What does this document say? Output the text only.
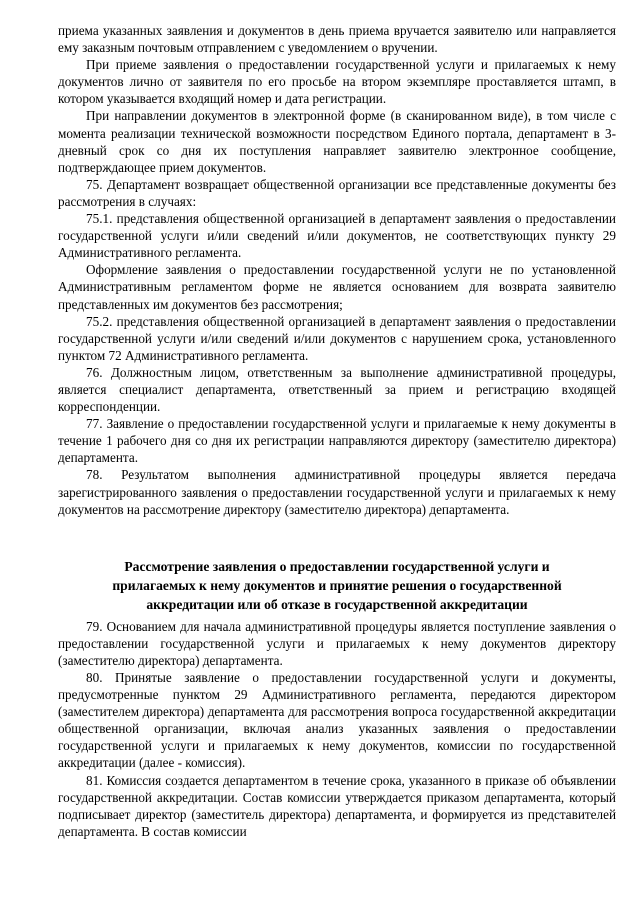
приема указанных заявления и документов в день приема вручается заявителю или направляется ему заказным почтовым отправлением с уведомлением о вручении.

При приеме заявления о предоставлении государственной услуги и прилагаемых к нему документов лично от заявителя по его просьбе на втором экземпляре проставляется штамп, в котором указывается входящий номер и дата регистрации.

При направлении документов в электронной форме (в сканированном виде), в том числе с момента реализации технической возможности посредством Единого портала, департамент в 3-дневный срок со дня их поступления направляет заявителю электронное сообщение, подтверждающее прием документов.

75. Департамент возвращает общественной организации все представленные документы без рассмотрения в случаях:

75.1. представления общественной организацией в департамент заявления о предоставлении государственной услуги и/или сведений и/или документов, не соответствующих пункту 29 Административного регламента.

Оформление заявления о предоставлении государственной услуги не по установленной Административным регламентом форме не является основанием для возврата заявителю представленных им документов без рассмотрения;

75.2. представления общественной организацией в департамент заявления о предоставлении государственной услуги и/или сведений и/или документов с нарушением срока, установленного пунктом 72 Административного регламента.

76. Должностным лицом, ответственным за выполнение административной процедуры, является специалист департамента, ответственный за прием и регистрацию входящей корреспонденции.

77. Заявление о предоставлении государственной услуги и прилагаемые к нему документы в течение 1 рабочего дня со дня их регистрации направляются директору (заместителю директора) департамента.

78. Результатом выполнения административной процедуры является передача зарегистрированного заявления о предоставлении государственной услуги и прилагаемых к нему документов на рассмотрение директору (заместителю директора) департамента.

Рассмотрение заявления о предоставлении государственной услуги и
прилагаемых к нему документов и принятие решения о государственной
аккредитации или об отказе в государственной аккредитации

79. Основанием для начала административной процедуры является поступление заявления о предоставлении государственной услуги и прилагаемых к нему документов директору (заместителю директора) департамента.

80. Принятые заявление о предоставлении государственной услуги и документы, предусмотренные пунктом 29 Административного регламента, передаются директором (заместителем директора) департамента для рассмотрения вопроса государственной аккредитации общественной организации, включая анализ указанных заявления о предоставлении государственной услуги и прилагаемых к нему документов, комиссии по государственной аккредитации (далее - комиссия).

81. Комиссия создается департаментом в течение срока, указанного в приказе об объявлении государственной аккредитации. Состав комиссии утверждается приказом департамента, который подписывает директор (заместитель директора) департамента, и формируется из представителей департамента. В состав комиссии
